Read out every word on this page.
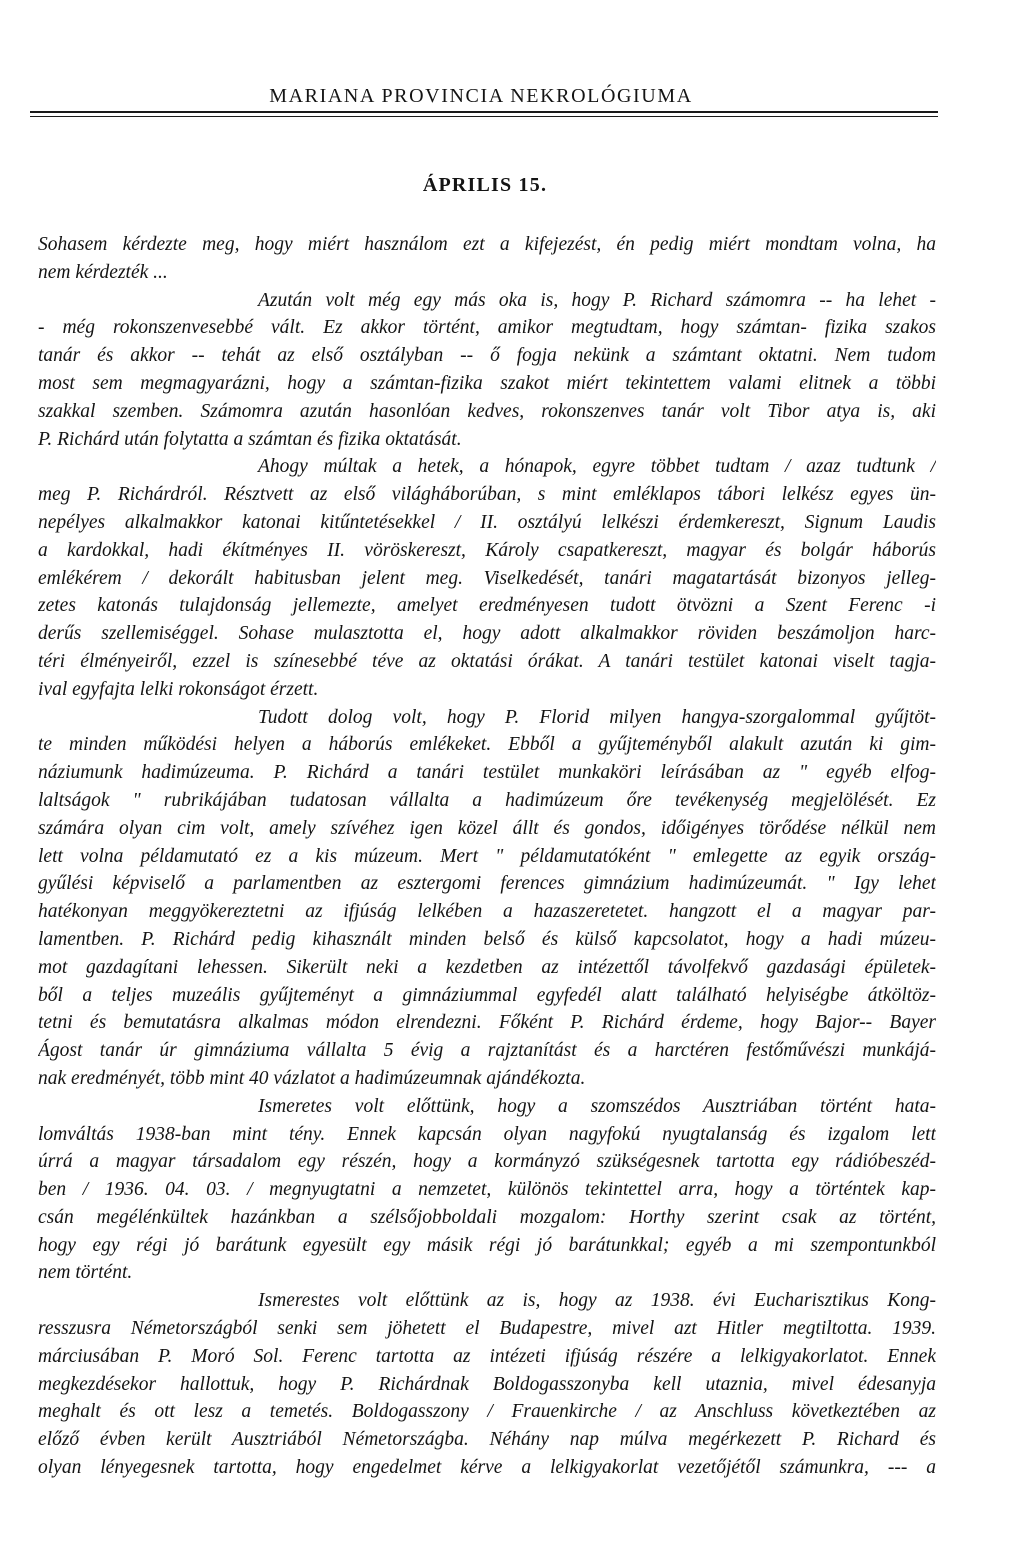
MARIANA PROVINCIA NEKROLÓGIUMA
ÁPRILIS 15.
Sohasem kérdezte meg, hogy miért használom ezt a kifejezést, én pedig miért mondtam volna, ha
nem kérdezték ...
Azután volt még egy más oka is, hogy P. Richard számomra -- ha lehet -
- még rokonszenvesebbé vált. Ez akkor történt, amikor megtudtam, hogy számtan- fizika szakos
tanár és akkor -- tehát az első osztályban -- ő fogja nekünk a számtant oktatni. Nem tudom
most sem megmagyarázni, hogy a számtan-fizika szakot miért tekintettem valami elitnek a többi
szakkal szemben. Számomra azután hasonlóan kedves, rokonszenves tanár volt Tibor atya is, aki
P. Richárd után folytatta a számtan és fizika oktatását.
Ahogy múltak a hetek, a hónapok, egyre többet tudtam / azaz tudtunk /
meg P. Richárdról. Résztvett az első világháborúban, s mint emléklapos tábori lelkész egyes ün-
nepélyes alkalmakkor katonai kitűntetésekkel / II. osztályú lelkészi érdemkereszt, Signum Laudis
a kardokkal, hadi ékítményes II. vöröskereszt, Károly csapatkereszt, magyar és bolgár háborús
emlékérem / dekorált habitusban jelent meg. Viselkedését, tanári magatartását bizonyos jelleg-
zetes katonás tulajdonság jellemezte, amelyet eredményesen tudott ötvözni a Szent Ferenc -i
derűs szellemiséggel. Sohase mulasztotta el, hogy adott alkalmakkor röviden beszámoljon harc-
téri élményeiről, ezzel is színesebbé téve az oktatási órákat. A tanári testület katonai viselt tagja-
ival egyfajta lelki rokonságot érzett.
Tudott dolog volt, hogy P. Florid milyen hangya-szorgalommal gyűjtöt-
te minden működési helyen a háborús emlékeket. Ebből a gyűjteményből alakult azután ki gim-
náziumunk hadimúzeuma. P. Richárd a tanári testület munkaköri leírásában az " egyéb elfog-
laltságok " rubrikájában tudatosan vállalta a hadimúzeum őre tevékenység megjelölését. Ez
számára olyan cim volt, amely szívéhez igen közel állt és gondos, időigényes törődése nélkül nem
lett volna példamutató ez a kis múzeum. Mert " példamutatóként " emlegette az egyik ország-
gyűlési képviselő a parlamentben az esztergomi ferences gimnázium hadimúzeumát. " Igy lehet
hatékonyan meggyökereztetni az ifjúság lelkében a hazaszeretetet. hangzott el a magyar par-
lamentben. P. Richárd pedig kihasznált minden belső és külső kapcsolatot, hogy a hadi múzeu-
mot gazdagítani lehessen. Sikerült neki a kezdetben az intézettől távolfekvő gazdasági épületek-
ből a teljes muzeális gyűjteményt a gimnáziummal egyfedél alatt található helyiségbe átköltöz-
tetni és bemutatásra alkalmas módon elrendezni. Főként P. Richárd érdeme, hogy Bajor-- Bayer
Ágost tanár úr gimnáziuma vállalta 5 évig a rajztanítást és a harctéren festőművészi munkájá-
nak eredményét, több mint 40 vázlatot a hadimúzeumnak ajándékozta.
Ismeretes volt előttünk, hogy a szomszédos Ausztriában történt hata-
lomváltás 1938-ban mint tény. Ennek kapcsán olyan nagyfokú nyugtalanság és izgalom lett
úrrá a magyar társadalom egy részén, hogy a kormányzó szükségesnek tartotta egy rádióbeszéd-
ben / 1936. 04. 03. / megnyugtatni a nemzetet, különös tekintettel arra, hogy a történtek kap-
csán megélénkültek hazánkban a szélsőjobboldali mozgalom: Horthy szerint csak az történt,
hogy egy régi jó barátunk egyesült egy másik régi jó barátunkkal; egyéb a mi szempontunkból
nem történt.
Ismerestes volt előttünk az is, hogy az 1938. évi Eucharisztikus Kong-
resszusra Németországból senki sem jöhetett el Budapestre, mivel azt Hitler megtiltotta. 1939.
márciusában P. Moró Sol. Ferenc tartotta az intézeti ifjúság részére a lelkigyakorlatot. Ennek
megkezdésekor hallottuk, hogy P. Richárdnak Boldogasszonyba kell utaznia, mivel édesanyja
meghalt és ott lesz a temetés. Boldogasszony / Frauenkirche / az Anschluss következtében az
előző évben került Ausztriából Németországba. Néhány nap múlva megérkezett P. Richard és
olyan lényegesnek tartotta, hogy engedelmet kérve a lelkigyakorlat vezetőjétől számunkra, --- a
